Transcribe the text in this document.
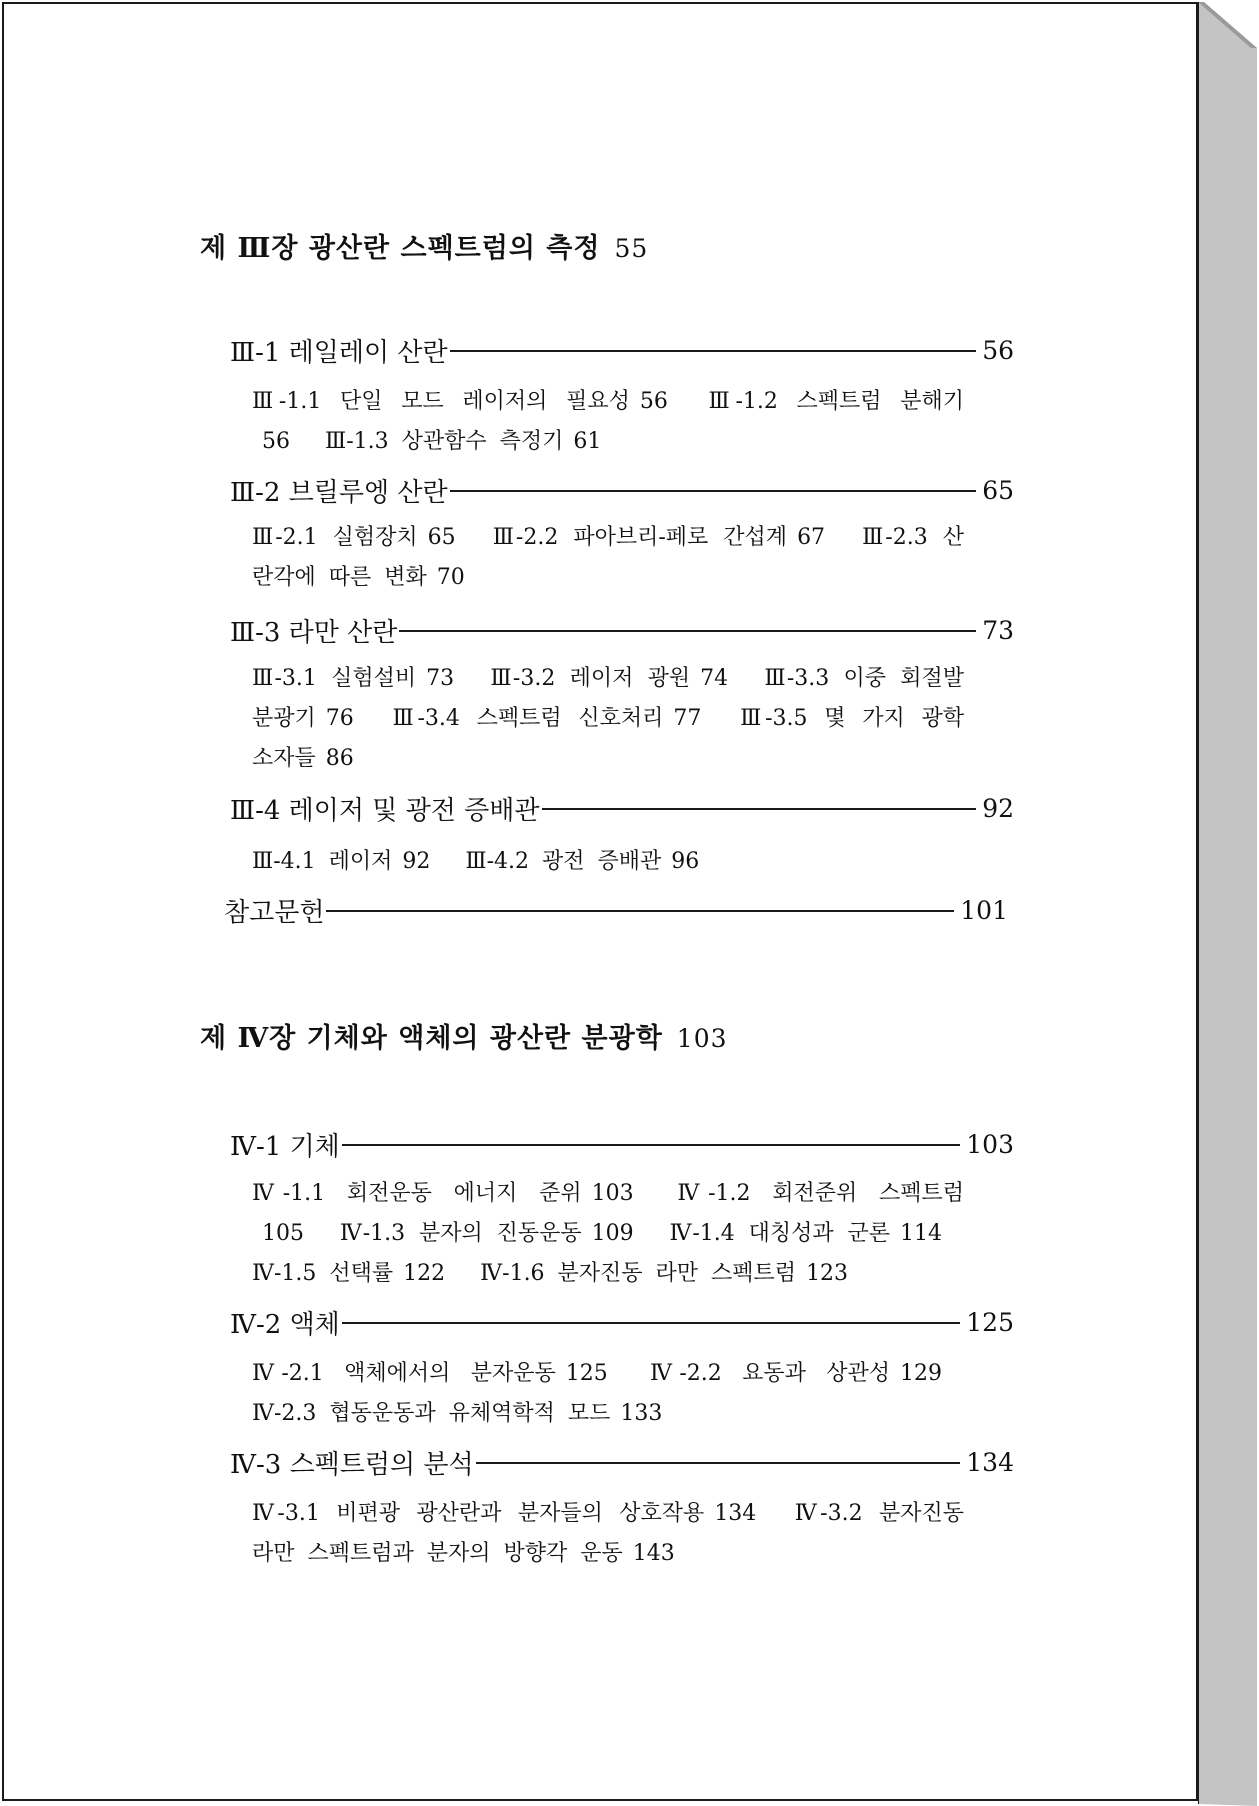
제 Ⅲ장 광산란 스펙트럼의 측정 55
Ⅲ-1 레일레이 산란	56
Ⅲ-1.1 단일 모드 레이저의 필요성 56 Ⅲ-1.2 스펙트럼 분해기56 Ⅲ-1.3 상관함수 측정기 61
Ⅲ-2 브릴루엥 산란	65
Ⅲ-2.1 실험장치 65 Ⅲ-2.2 파아브리-페로 간섭계 67 Ⅲ-2.3 산란각에 따른 변화 70
Ⅲ-3 라만 산란	73
Ⅲ-3.1 실험설비 73 Ⅲ-3.2 레이저 광원 74 Ⅲ-3.3 이중 회절발 분광기 76 Ⅲ-3.4 스펙트럼 신호처리 77 Ⅲ-3.5 몇 가지 광학 소자들 86
Ⅲ-4 레이저 및 광전 증배관	92
Ⅲ-4.1 레이저 92 Ⅲ-4.2 광전 증배관 96
참고문헌	101
제 Ⅳ장 기체와 액체의 광산란 분광학 103
Ⅳ-1 기체	103
Ⅳ-1.1 회전운동 에너지 준위 103 Ⅳ-1.2 회전준위 스펙트럼105 Ⅳ-1.3 분자의 진동운동 109 Ⅳ-1.4 대칭성과 군론 114 Ⅳ-1.5 선택률 122 Ⅳ-1.6 분자진동 라만 스펙트럼 123
Ⅳ-2 액체	125
Ⅳ-2.1 액체에서의 분자운동 125 Ⅳ-2.2 요동과 상관성 129 Ⅳ-2.3 협동운동과 유체역학적 모드 133
Ⅳ-3 스펙트럼의 분석	134
Ⅳ-3.1 비편광 광산란과 분자들의 상호작용 134 Ⅳ-3.2 분자진동 라만 스펙트럼과 분자의 방향각 운동 143
